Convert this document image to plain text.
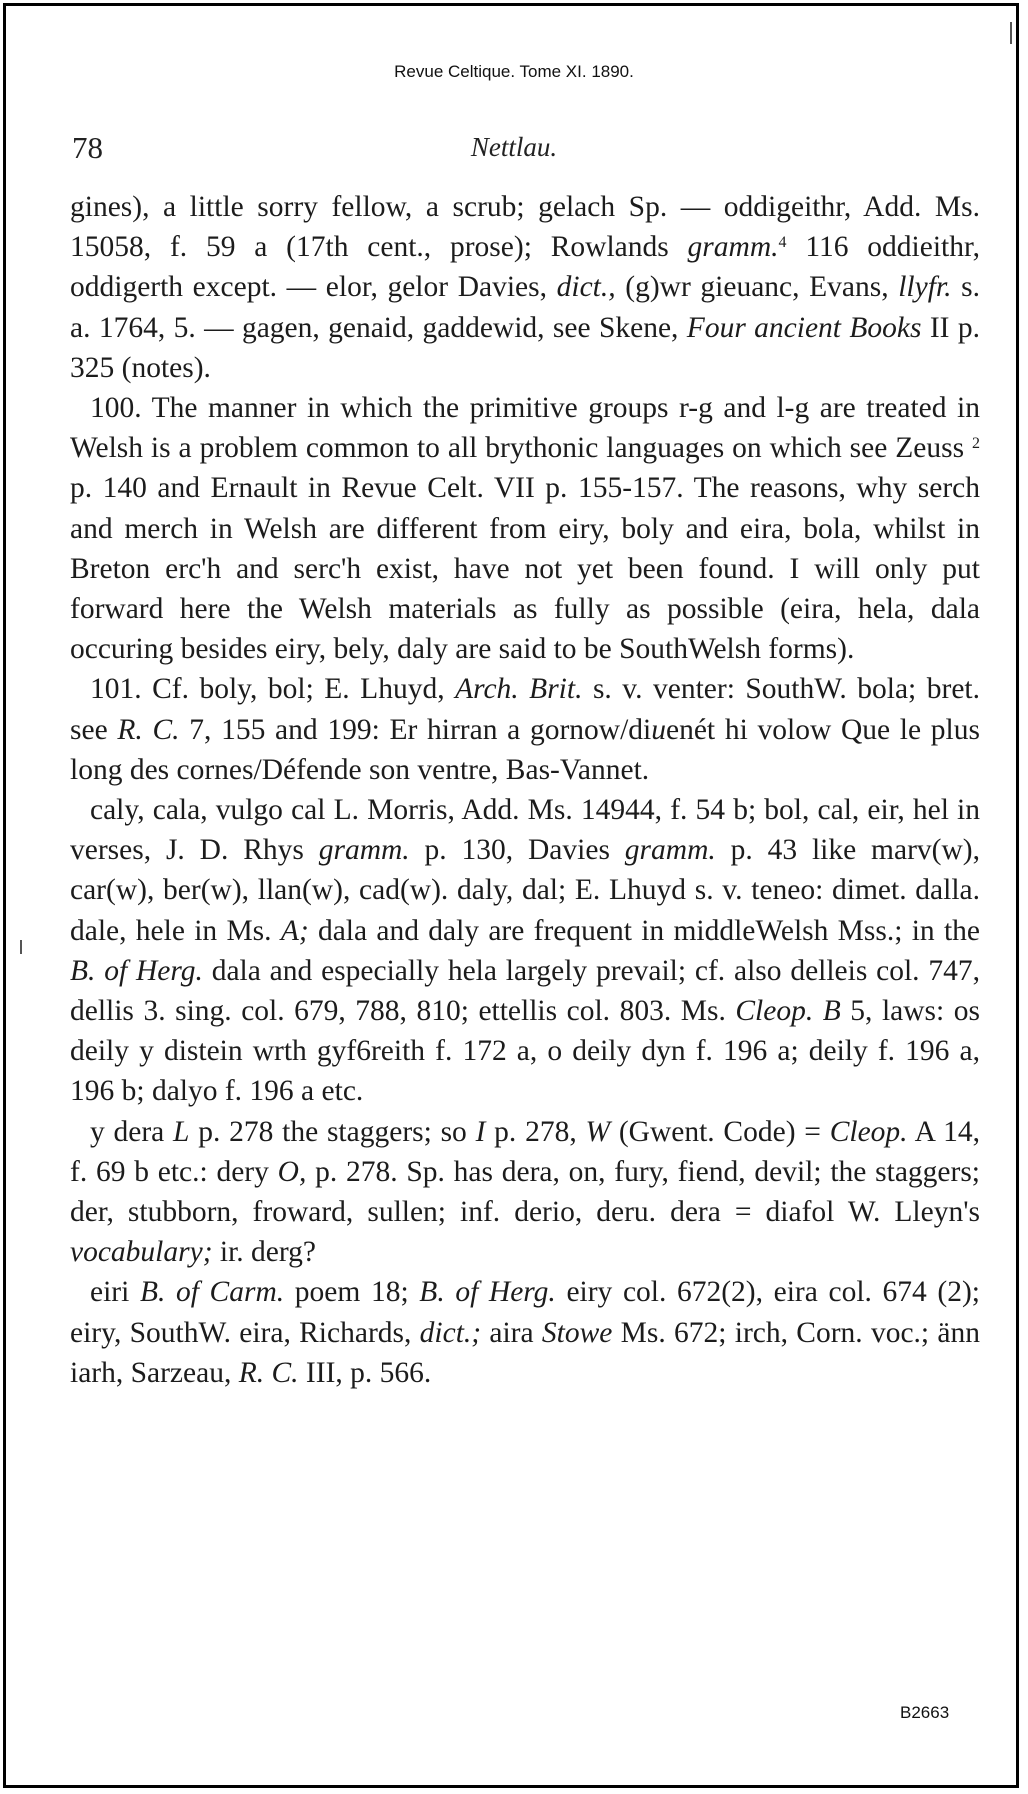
Revue Celtique. Tome XI. 1890.
78	Nettlau.

gines), a little sorry fellow, a scrub; gelach Sp. — oddigeithr, Add. Ms. 15058, f. 59 a (17th cent., prose); Rowlands gramm.$^4$ 116 oddieithr, oddigerth except. — elor, gelor Davies, dict., (g)wr gieuanc, Evans, llyfr. s. a. 1764, 5. — gagen, genaid, gaddewid, see Skene, Four ancient Books II p. 325 (notes).

100. The manner in which the primitive groups r-g and l-g are treated in Welsh is a problem common to all brythonic languages on which see Zeuss $^2$ p. 140 and Ernault in Revue Celt. VII p. 155-157. The reasons, why serch and merch in Welsh are different from eiry, boly and eira, bola, whilst in Breton erc'h and serc'h exist, have not yet been found. I will only put forward here the Welsh materials as fully as possible (eira, hela, dala occuring besides eiry, bely, daly are said to be SouthWelsh forms).

101. Cf. boly, bol; E. Lhuyd, Arch. Brit. s. v. venter: SouthW. bola; bret. see R. C. 7, 155 and 199: Er hirran a gornow/diuenét hi volow Que le plus long des cornes/Défende son ventre, Bas-Vannet.

caly, cala, vulgo cal L. Morris, Add. Ms. 14944, f. 54 b; bol, cal, eir, hel in verses, J. D. Rhys gramm. p. 130, Davies gramm. p. 43 like marv(w), car(w), ber(w), llan(w), cad(w). daly, dal; E. Lhuyd s. v. teneo: dimet. dalla. dale, hele in Ms. A; dala and daly are frequent in middleWelsh Mss.; in the B. of Herg. dala and especially hela largely prevail; cf. also delleis col. 747, dellis 3. sing. col. 679, 788, 810; ettellis col. 803. Ms. Cleop. B 5, laws: os deily y distein wrth gyf6reith f. 172 a, o deily dyn f. 196 a; deily f. 196 a, 196 b; dalyo f. 196 a etc.

y dera L p. 278 the staggers; so I p. 278, W (Gwent. Code) = Cleop. A 14, f. 69 b etc.: dery O, p. 278. Sp. has dera, on, fury, fiend, devil; the staggers; der, stubborn, froward, sullen; inf. derio, deru. dera = diafol W. Lleyn's vocabulary; ir. derg?

eiri B. of Carm. poem 18; B. of Herg. eiry col. 672(2), eira col. 674 (2); eiry, SouthW. eira, Richards, dict.; aira Stowe Ms. 672; irch, Corn. voc.; änn iarh, Sarzeau, R. C. III, p. 566.

B2663
